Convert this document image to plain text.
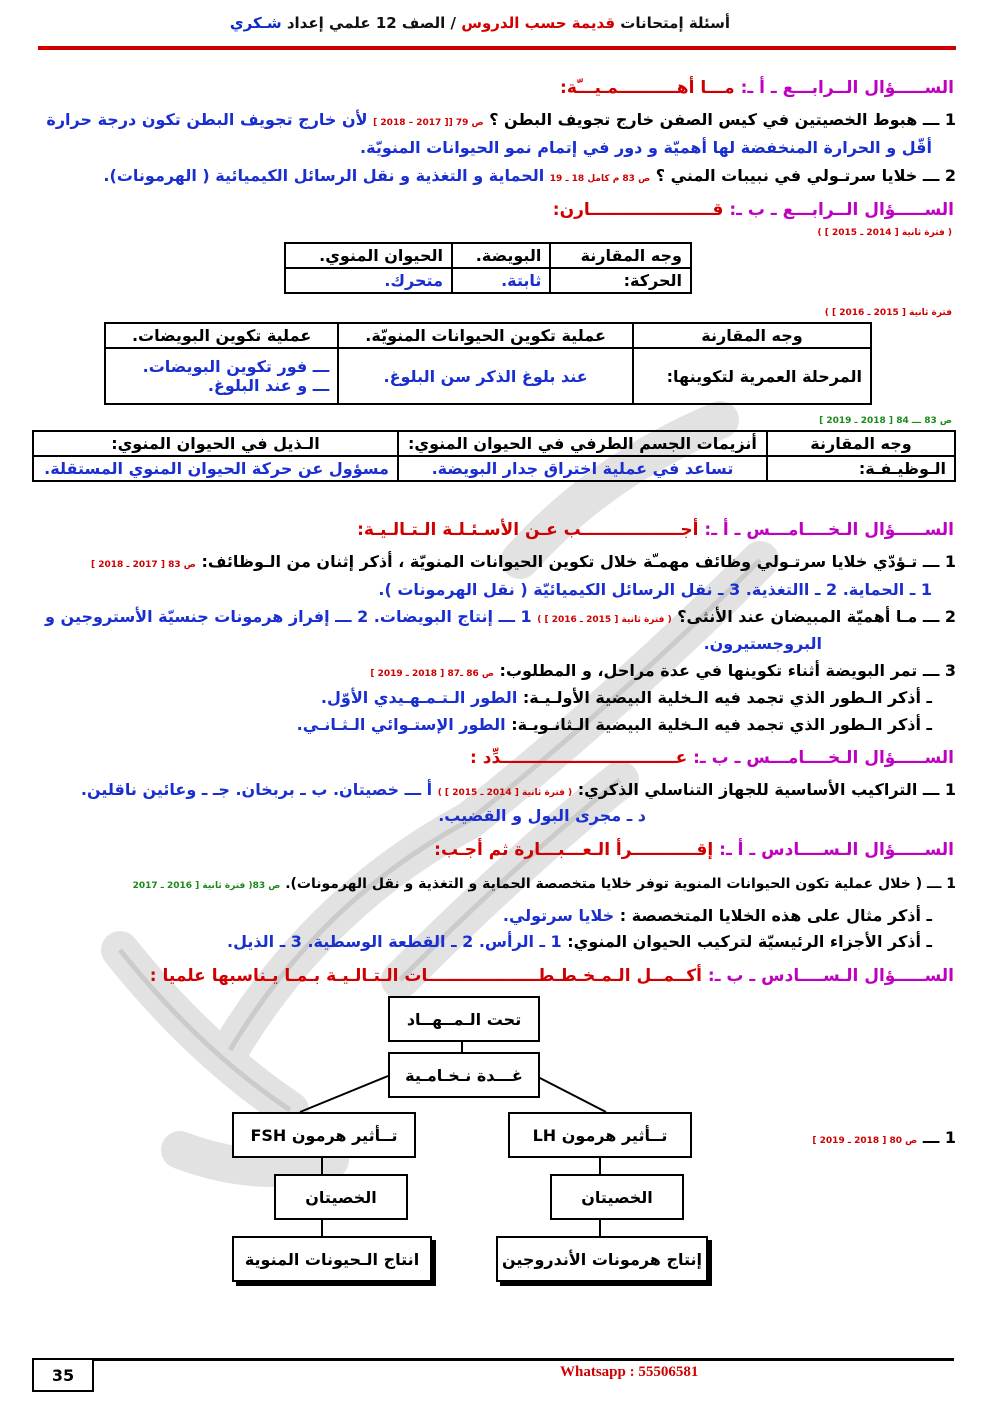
أسئلة إمتحانات قديمة حسب الدروس / الصف 12 علمي إعداد شـكري
الســـــؤال الــرابـــع ـ أ ـ: مـــا أهــــــــــمـيـــّة:
1 ـــ هبوط الخصيتين في كيس الصفن خارج تجويف البطن ؟ ص 79 [[ 2017 – 2018 ] لأن خارج تجويف البطن تكون درجة حرارة
أقّل و الحرارة المنخفضة لها أهميّة و دور في إتمام نمو الحيوانات المنويّة.
2 ـــ خلايا سرتـولي في نبيبات المني ؟ ص 83 م كامل 18 ـ 19 الحماية و التغذية و نقل الرسائل الكيميائية ( الهرمونات).
الســـــؤال الــرابـــع ـ ب ـ: قـــــــــــــــــــــارن:
( فترة ثانية [ 2014 ـ 2015 ] )
وجه المقارنة	البويضة.	الحيوان المنوي.
الحركة:	ثابتة.	متحرك.
فترة ثانية [ 2015 ـ 2016 ] )
وجه المقارنة	عملية تكوين الحيوانات المنويّة.	عملية تكوين البويضات.
المرحلة العمرية لتكوينها:	عند بلوغ الذكر سن البلوغ.	ـــ فور تكوين البويضات.
ـــ و عند البلوغ.
ص 83 ـــ 84 [ 2018 ـ 2019 ]
وجه المقارنة	أنزيمات الجسم الطرفي في الحيوان المنوي:	الـذيل في الحيوان المنوي:
الـوظيـفـة:	تساعد في عملية اختراق جدار البويضة.	مسؤول عن حركة الحيوان المنوي المستقلة.
الســـــؤال الـخــــامـــس ـ أ ـ: أجـــــــــــــــــب عـن الأسـئـلـة الـتـالـيـة:
1 ـــ تـؤدّي خلايا سرتـولي وظائف مهمـّة خلال تكوين الحيوانات المنويّة ، أذكر إثنان من الـوظائف: ص 83 [ 2017 ـ 2018 ]
1 ـ الحماية. 2 ـ االتغذية. 3 ـ نقل الرسائل الكيميائيّة ( نقل الهرمونات ).
2 ـــ مـا أهميّة المبيضان عند الأنثى؟ ( فترة ثانية [ 2015 ـ 2016 ] ) 1 ـــ إنتاج البويضات. 2 ـــ إفراز هرمونات جنسيّة الأستروجين و
البروجستيرون.
3 ـــ تمر البويضة أثناء تكوينها في عدة مراحل، و المطلوب: ص 86 ـ87 [ 2018 ـ 2019 ]
ـ أذكر الـطور الذي تجمد فيه الـخلية البيضية الأولـيـة: الطور الـتـمـهـيدي الأوّل.
ـ أذكر الـطور الذي تجمد فيه الـخلية البيضية الـثانـويـة: الطور الإستـوائي الـثـانـي.
الســـــؤال الـخــــامـــس ـ ب ـ: عــــــــــــــــــــــــــــــدِّد :
1 ـــ التراكيب الأساسية للجهاز التناسلي الذكري: ( فترة ثانية [ 2014 ـ 2015 ] ) أ ـــ خصيتان. ب ـ بربخان. جـ ـ وعائين ناقلين.
د ـ مجرى البول و القضيب.
الســـــؤال الـســــادس ـ أ ـ: إقـــــــــــرأ الـعـــبـــارة ثم أجـب:
1 ـــ ( خلال عملية تكون الحيوانات المنوية توفر خلايا متخصصة الحماية و التغذية و نقل الهرمونات). ص 83( فترة ثانية [ 2016 ـ 2017
ـ أذكر مثال على هذه الخلايا المتخصصة : خلايا سرتولي.
ـ أذكر الأجزاء الرئيسيّة لتركيب الحيوان المنوي: 1 ـ الرأس. 2 ـ القطعة الوسطية. 3 ـ الذيل.
الســـــؤال الـســــادس ـ ب ـ: أكــمــل الـمـخـطـطـــــــــــــــــــات الـتـالـيـة بـمـا يـناسبها علميا :
1 ـــ ص 80 [ 2018 ـ 2019 ]
تحت الـمــهــاد
غـــدة نـخـامـية
تــأثير هرمون FSH	تــأثير هرمون LH
الخصيتان	الخصيتان
انتاج الـحيونات المنوية	إنتاج هرمونات الأندروجين
35	Whatsapp : 55506581
